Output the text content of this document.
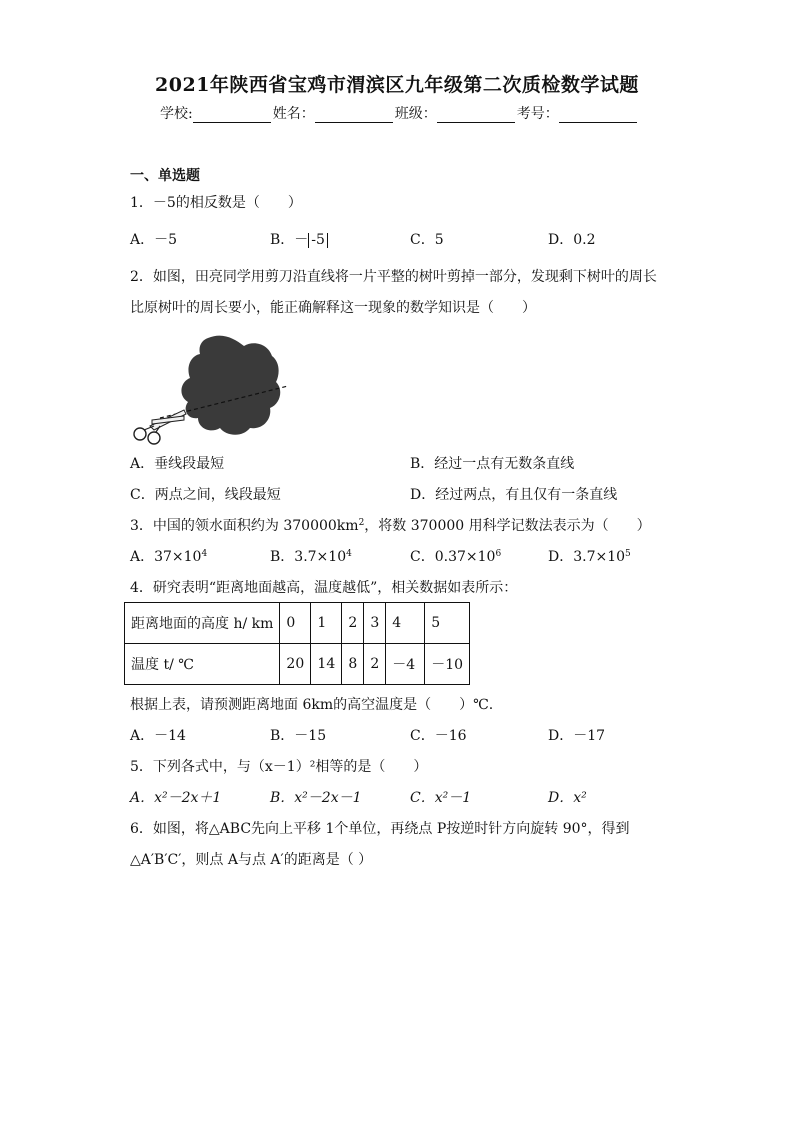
2021年陕西省宝鸡市渭滨区九年级第二次质检数学试题
学校:	姓名：	班级：	考号：
一、单选题
1．－5的相反数是（　　）
A．－5	B．－ -5	C．5	D．0.2
2．如图，田亮同学用剪刀沿直线将一片平整的树叶剪掉一部分，发现剩下树叶的周长
比原树叶的周长要小，能正确解释这一现象的数学知识是（　　）
A．垂线段最短	B．经过一点有无数条直线
C．两点之间，线段最短	D．经过两点，有且仅有一条直线
3．中国的领水面积约为 $370000km^2$，将数 370000 用科学记数法表示为（　　）
A．$37\times 10^4$	B．$3.7\times 10^4$	C．$0.37\times 10^6$	D．$3.7\times 10^5$
4．研究表明“距离地面越高，温度越低”，相关数据如表所示：
距离地面的高度 h/ km	0	1	2	3	4	5
温度 t/ ℃	20	14	8	2	－4	－10
根据上表，请预测距离地面 6km的高空温度是（　　）℃.
A．－14	B．－15	C．－16	D．－17
5．下列各式中，与（x－1）²相等的是（　　）
A．x²－2x＋1	B．x²－2x－1	C．x²－1	D．x²
6．如图，将△ABC先向上平移 1个单位，再绕点 P按逆时针方向旋转 90°，得到
△A′B′C′，则点 A与点 A′的距离是（ ）
